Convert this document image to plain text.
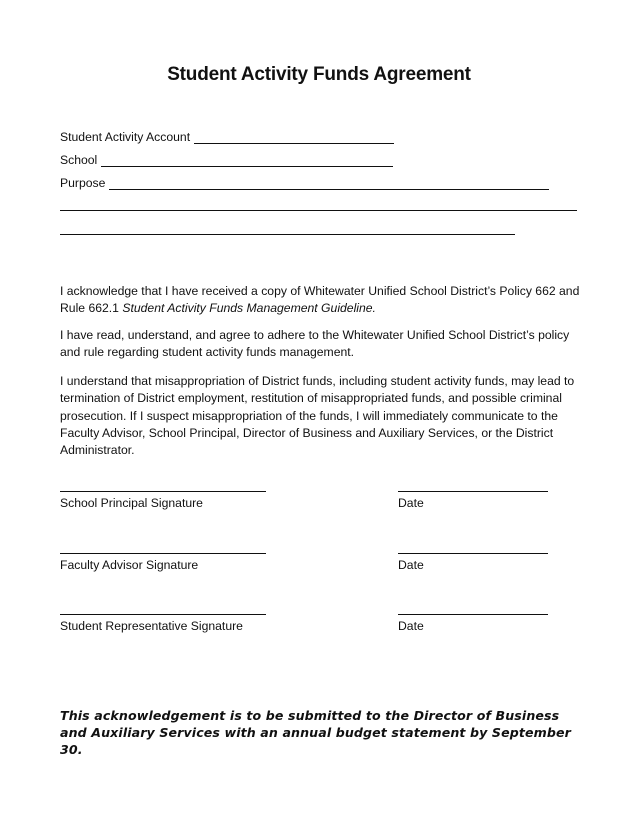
Student Activity Funds Agreement
Student Activity Account
School
Purpose

I acknowledge that I have received a copy of Whitewater Unified School District’s Policy 662 and Rule 662.1 Student Activity Funds Management Guideline.

I have read, understand, and agree to adhere to the Whitewater Unified School District’s policy and rule regarding student activity funds management.

I understand that misappropriation of District funds, including student activity funds, may lead to termination of District employment, restitution of misappropriated funds, and possible criminal prosecution. If I suspect misappropriation of the funds, I will immediately communicate to the Faculty Advisor, School Principal, Director of Business and Auxiliary Services, or the District Administrator.

School Principal Signature	Date
Faculty Advisor Signature	Date
Student Representative Signature	Date
This acknowledgement is to be submitted to the Director of Business and Auxiliary Services with an annual budget statement by September 30.
